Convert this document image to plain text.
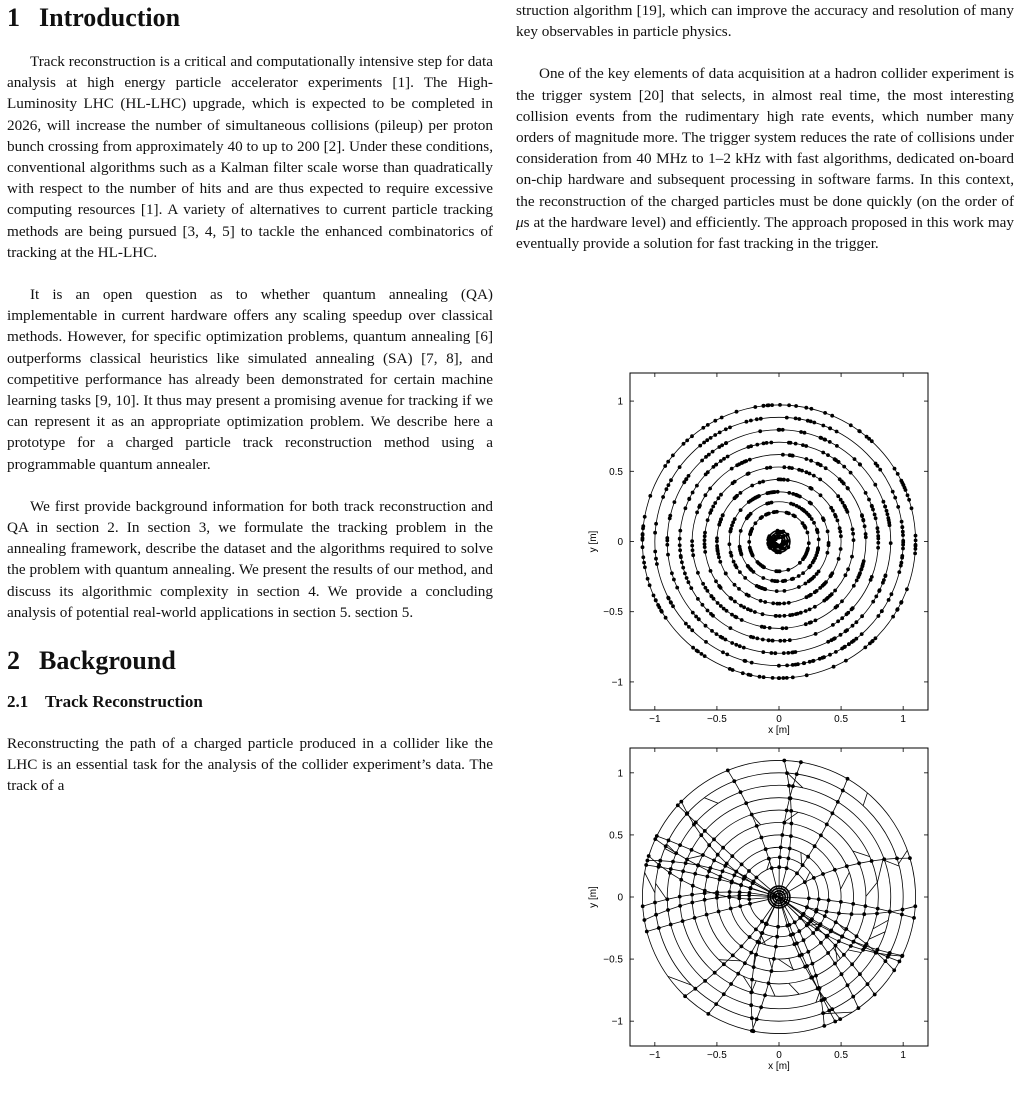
1 Introduction

Track reconstruction is a critical and computationally intensive step for data analysis at high energy particle accelerator experiments [1]. The High-Luminosity LHC (HL-LHC) upgrade, which is expected to be completed in 2026, will increase the number of simultaneous collisions (pileup) per proton bunch crossing from approximately 40 to up to 200 [2]. Under these conditions, conventional algorithms such as a Kalman filter scale worse than quadratically with respect to the number of hits and are thus expected to require excessive computing resources [1]. A variety of alternatives to current particle tracking methods are being pursued [3, 4, 5] to tackle the enhanced combinatorics of tracking at the HL-LHC.

It is an open question as to whether quantum annealing (QA) implementable in current hardware offers any scaling speedup over classical methods. However, for specific optimization problems, quantum annealing [6] outperforms classical heuristics like simulated annealing (SA) [7, 8], and competitive performance has already been demonstrated for certain machine learning tasks [9, 10]. It thus may present a promising avenue for tracking if we can represent it as an appropriate optimization problem. We describe here a prototype for a charged particle track reconstruction method using a programmable quantum annealer.

We first provide background information for both track reconstruction and QA in section 2. In section 3, we formulate the tracking problem in the annealing framework, describe the dataset and the algorithms required to solve the problem with quantum annealing. We present the results of our method, and discuss its algorithmic complexity in section 4. We provide a concluding analysis of potential real-world applications in section 5. section 5.

2 Background
2.1 Track Reconstruction

Reconstructing the path of a charged particle produced in a collider like the LHC is an essential task for the analysis of the collider experiment’s data. The track of a

struction algorithm [19], which can improve the accuracy and resolution of many key observables in particle physics.

One of the key elements of data acquisition at a hadron collider experiment is the trigger system [20] that selects, in almost real time, the most interesting collision events from the rudimentary high rate events, which number many orders of magnitude more. The trigger system reduces the rate of collisions under consideration from 40 MHz to 1–2 kHz with fast algorithms, dedicated on-board on-chip hardware and subsequent processing in software farms. In this context, the reconstruction of the charged particles must be done quickly (on the order of μs at the hardware level) and efficiently. The approach proposed in this work may eventually provide a solution for fast tracking in the trigger.

−1	−0.5	0	0.5	1
1
0.5
0
−0.5
−1
x [m]
y [m]
−1	−0.5	0	0.5	1
1
0.5
0
−0.5
−1
x [m]
y [m]
